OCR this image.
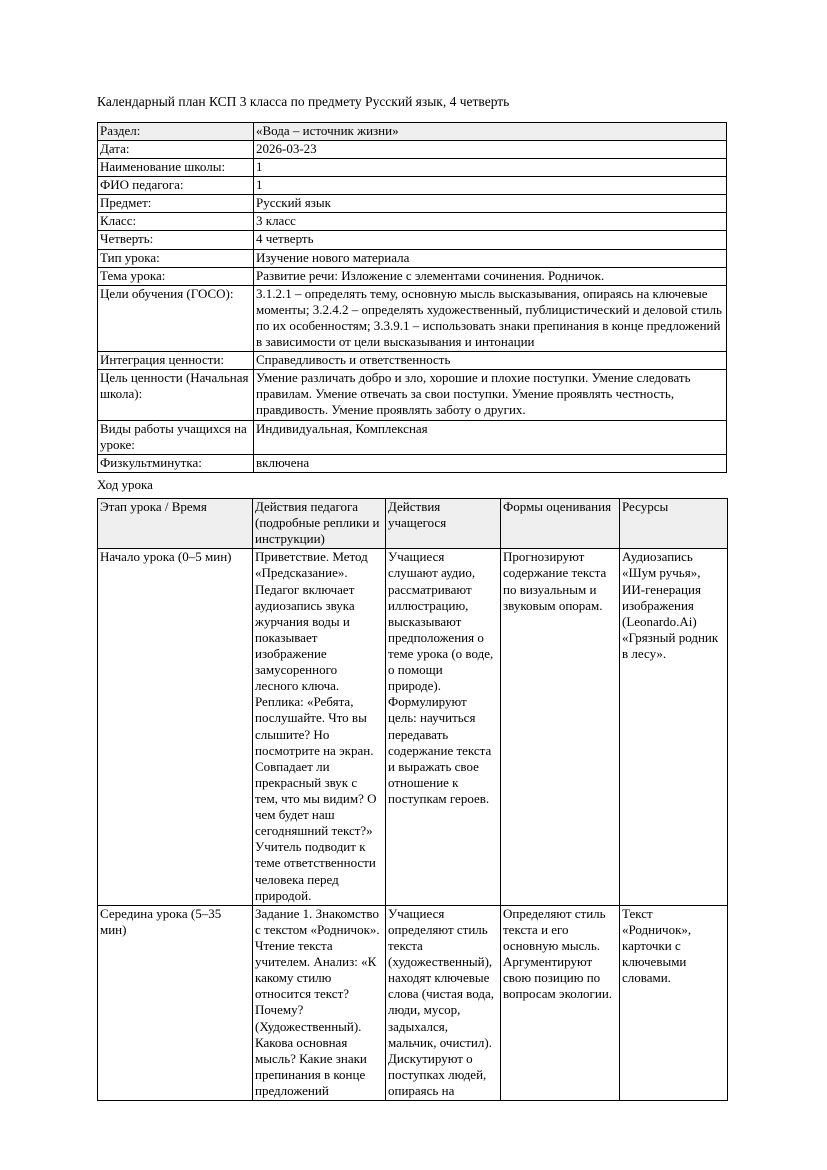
Календарный план КСП 3 класса по предмету Русский язык, 4 четверть

Раздел:	«Вода – источник жизни»
Дата:	2026-03-23
Наименование школы:	1
ФИО педагога:	1
Предмет:	Русский язык
Класс:	3 класс
Четверть:	4 четверть
Тип урока:	Изучение нового материала
Тема урока:	Развитие речи: Изложение с элементами сочинения. Родничок.
Цели обучения (ГОСО):	3.1.2.1 – определять тему, основную мысль высказывания, опираясь на ключевые моменты; 3.2.4.2 – определять художественный, публицистический и деловой стиль по их особенностям; 3.3.9.1 – использовать знаки препинания в конце предложений в зависимости от цели высказывания и интонации
Интеграция ценности:	Справедливость и ответственность
Цель ценности (Начальная школа):	Умение различать добро и зло, хорошие и плохие поступки. Умение следовать правилам. Умение отвечать за свои поступки. Умение проявлять честность, правдивость. Умение проявлять заботу о других.
Виды работы учащихся на уроке:	Индивидуальная, Комплексная
Физкультминутка:	включена

Ход урока

Этап урока / Время	Действия педагога (подробные реплики и инструкции)	Действия учащегося	Формы оценивания	Ресурсы
Начало урока (0–5 мин)	Приветствие. Метод «Предсказание». Педагог включает аудиозапись звука журчания воды и показывает изображение замусоренного лесного ключа. Реплика: «Ребята, послушайте. Что вы слышите? Но посмотрите на экран. Совпадает ли прекрасный звук с тем, что мы видим? О чем будет наш сегодняшний текст?» Учитель подводит к теме ответственности человека перед природой.	Учащиеся слушают аудио, рассматривают иллюстрацию, высказывают предположения о теме урока (о воде, о помощи природе). Формулируют цель: научиться передавать содержание текста и выражать свое отношение к поступкам героев.	Прогнозируют содержание текста по визуальным и звуковым опорам.	Аудиозапись «Шум ручья», ИИ-генерация изображения (Leonardo.Ai) «Грязный родник в лесу».

Середина урока (5–35 мин)	Задание 1. Знакомство с текстом «Родничок». Чтение текста учителем. Анализ: «К какому стилю относится текст? Почему? (Художественный). Какова основная мысль? Какие знаки препинания в конце предложений	Учащиеся определяют стиль текста (художественный), находят ключевые слова (чистая вода, люди, мусор, задыхался, мальчик, очистил). Дискутируют о поступках людей, опираясь на	Определяют стиль текста и его основную мысль. Аргументируют свою позицию по вопросам экологии.	Текст «Родничок», карточки с ключевыми словами.
